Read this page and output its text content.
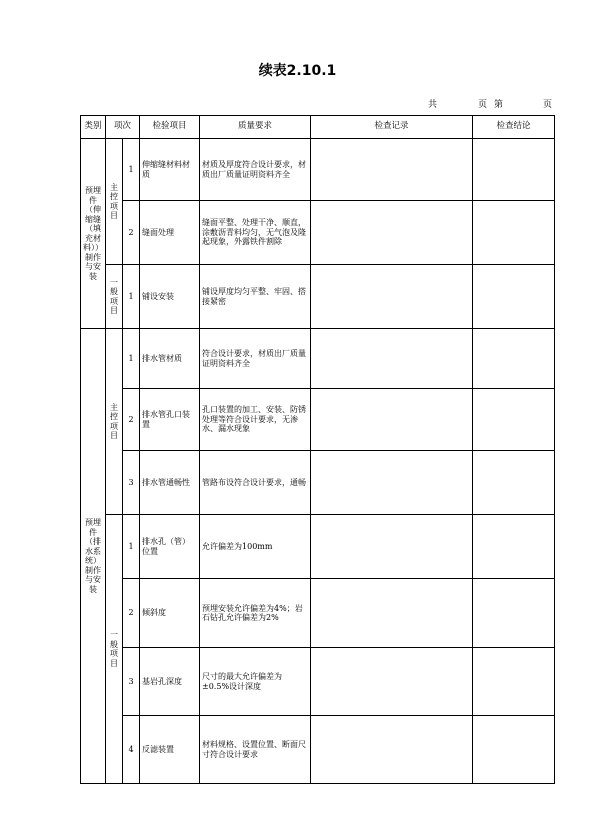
续表2.10.1
共	页 第	页
类别	项次		检验项目	质量要求	检查记录	检查结论
预埋件（伸缩缝（填充材料））制作与安装	主控项目	1	伸缩缝材料材质	材质及厚度符合设计要求，材质出厂质量证明资料齐全		
		2	缝面处理	缝面平整、处理干净、顺直，涂敷沥青料均匀，无气泡及隆起现象，外露铁件割除		

	一般项目	1	铺设安装	铺设厚度均匀平整、牢固、搭接紧密		
预埋件（排水系统）制作与安装	主控项目	1	排水管材质	符合设计要求，材质出厂质量证明资料齐全		
		2	排水管孔口装置	孔口装置的加工、安装、防锈处理等符合设计要求，无渗水、漏水现象		
		3	排水管通畅性	管路布设符合设计要求，通畅		

	一般项目	1	排水孔（管）位置	允许偏差为100mm		
		2	倾斜度	预埋安装允许偏差为4%；岩石钻孔允许偏差为2%		
		3	基岩孔深度	尺寸的最大允许偏差为±0.5%设计深度		
		4	反滤装置	材料规格、设置位置、断面尺寸符合设计要求		
